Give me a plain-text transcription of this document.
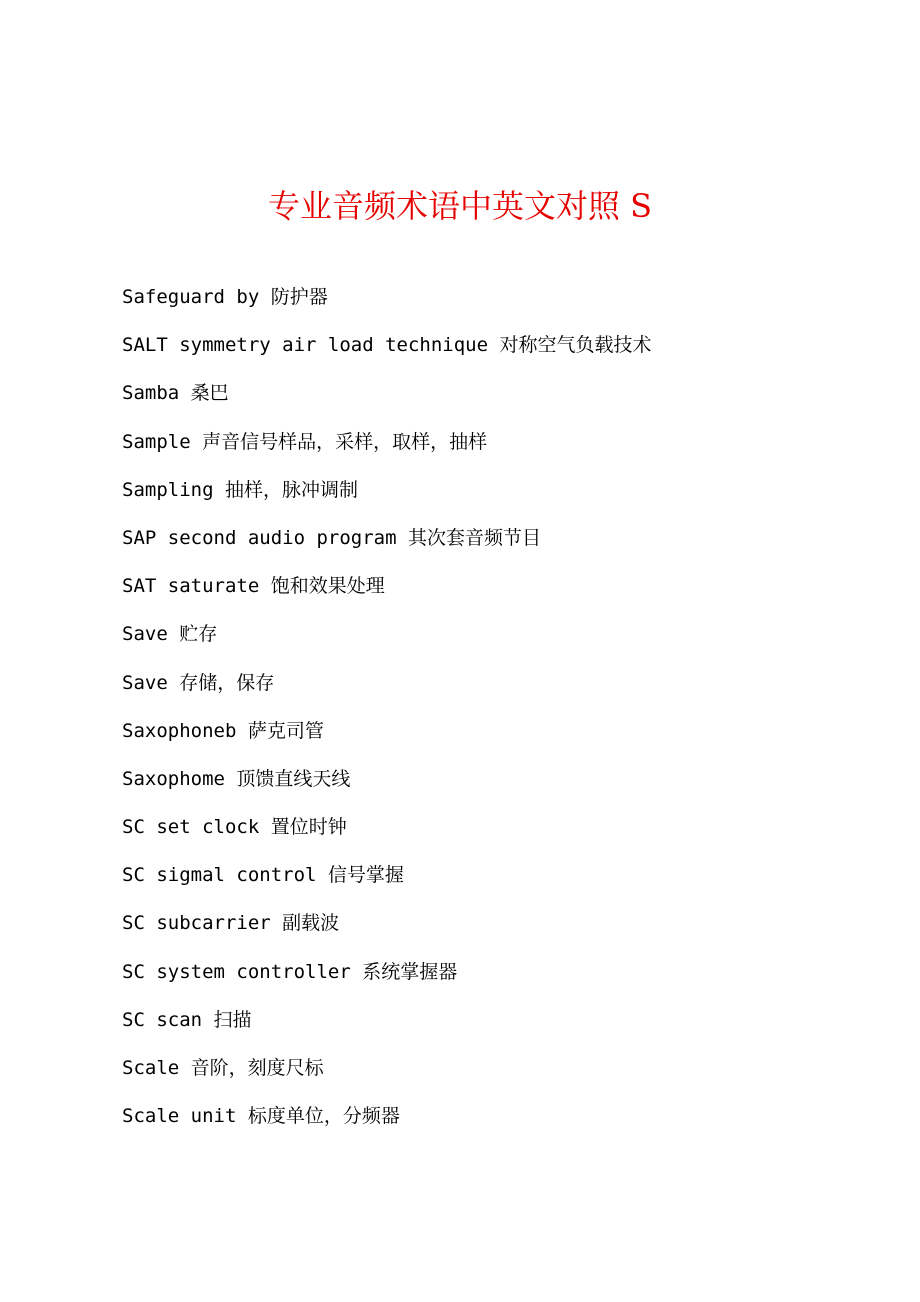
专业音频术语中英文对照 S
Safeguard by 防护器
SALT symmetry air load technique 对称空气负载技术
Samba 桑巴
Sample 声音信号样品，采样，取样，抽样
Sampling 抽样，脉冲调制
SAP second audio program 其次套音频节目
SAT saturate 饱和效果处理
Save 贮存
Save 存储，保存
Saxophoneb 萨克司管
Saxophome 顶馈直线天线
SC set clock 置位时钟
SC sigmal control 信号掌握
SC subcarrier 副载波
SC system controller 系统掌握器
SC scan 扫描
Scale 音阶，刻度尺标
Scale unit 标度单位，分频器
